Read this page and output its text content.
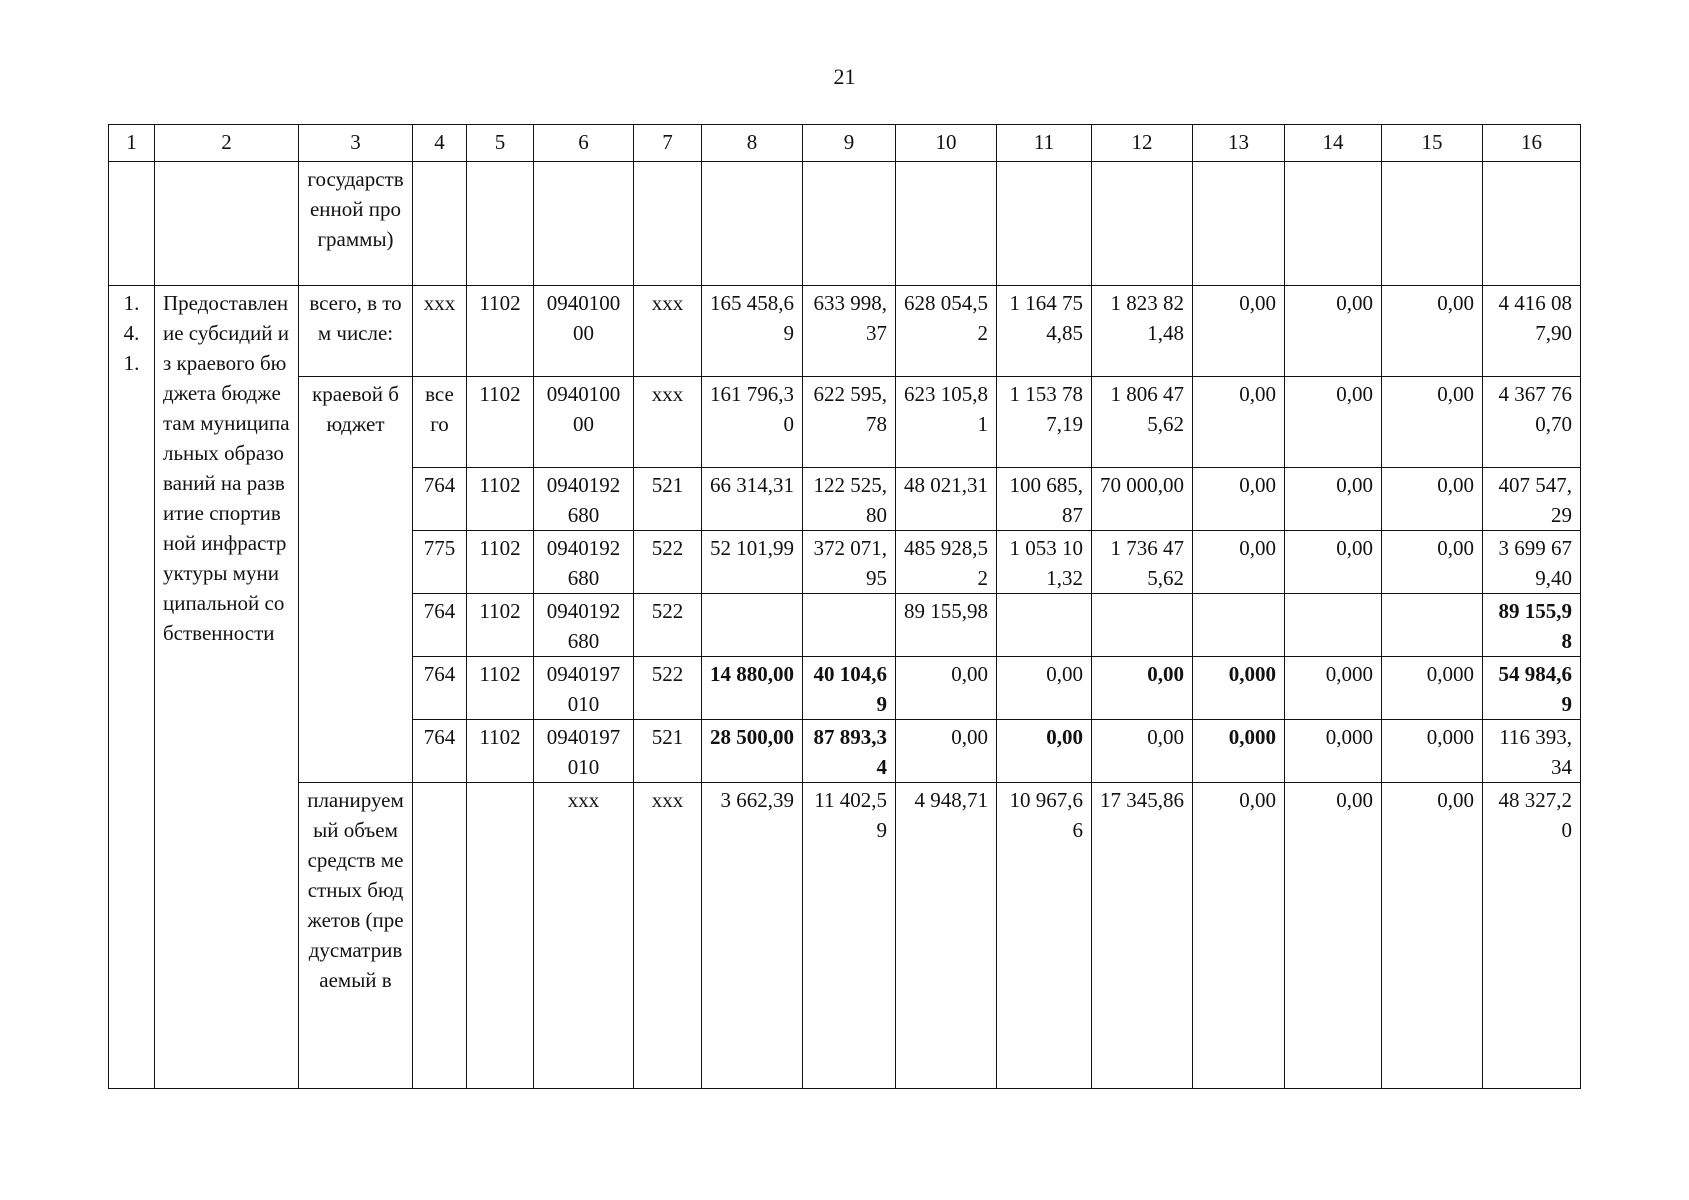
21
1	2	3	4	5	6	7	8	9	10	11	12	13	14	15	16
		государственной программы)													
1.4.1.	Предоставление субсидий из краевого бюджета бюджетам муниципальных образований на развитие спортивной инфраструктуры муниципальной собственности	всего, в том числе:	ххх	1102	094010000	ххх	165 458,69	633 998,37	628 054,52	1 164 754,85	1 823 821,48	0,00	0,00	0,00	4 416 087,90
		краевой бюджет	всего	1102	094010000	ххх	161 796,30	622 595,78	623 105,81	1 153 787,19	1 806 475,62	0,00	0,00	0,00	4 367 760,70
			764	1102	0940192680	521	66 314,31	122 525,80	48 021,31	100 685,87	70 000,00	0,00	0,00	0,00	407 547,29
			775	1102	0940192680	522	52 101,99	372 071,95	485 928,52	1 053 101,32	1 736 475,62	0,00	0,00	0,00	3 699 679,40
			764	1102	0940192680	522			89 155,98						89 155,98
			764	1102	0940197010	522	14 880,00	40 104,69	0,00	0,00	0,00	0,000	0,000	0,000	54 984,69
			764	1102	0940197010	521	28 500,00	87 893,34	0,00	0,00	0,00	0,000	0,000	0,000	116 393,34
		планируемый объем средств местных бюджетов (предусматриваемый в			ххх	ххх	3 662,39	11 402,59	4 948,71	10 967,66	17 345,86	0,00	0,00	0,00	48 327,20
